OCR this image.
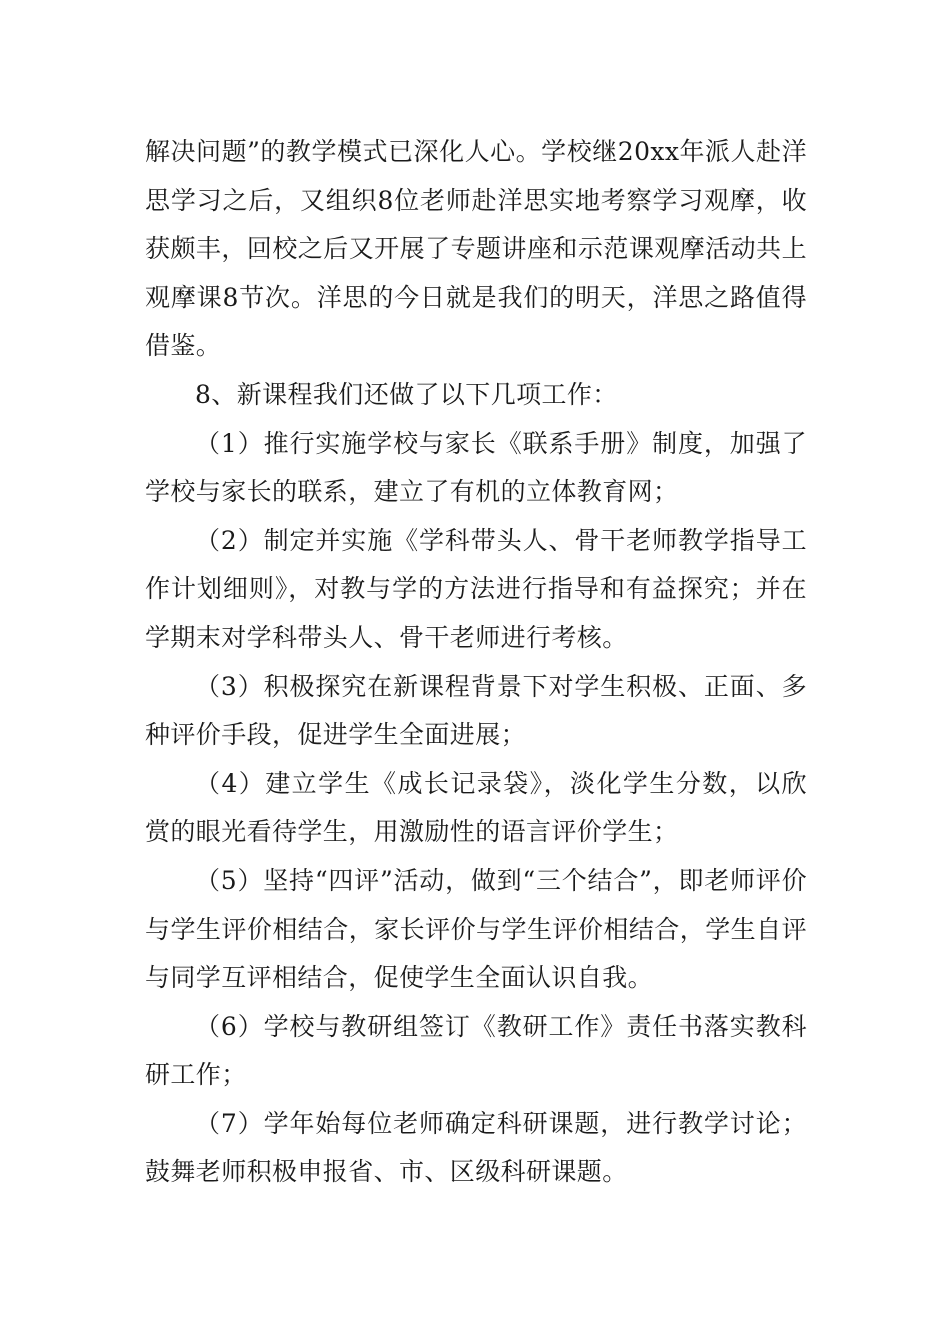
解决问题”的教学模式已深化人心。学校继20xx年派人赴洋思学习之后，又组织8位老师赴洋思实地考察学习观摩，收获颇丰，回校之后又开展了专题讲座和示范课观摩活动共上观摩课8节次。洋思的今日就是我们的明天，洋思之路值得借鉴。

8、新课程我们还做了以下几项工作：

（1）推行实施学校与家长《联系手册》制度，加强了学校与家长的联系，建立了有机的立体教育网；

（2）制定并实施《学科带头人、骨干老师教学指导工作计划细则》，对教与学的方法进行指导和有益探究；并在学期末对学科带头人、骨干老师进行考核。

（3）积极探究在新课程背景下对学生积极、正面、多种评价手段，促进学生全面进展；

（4）建立学生《成长记录袋》，淡化学生分数，以欣赏的眼光看待学生，用激励性的语言评价学生；

（5）坚持“四评”活动，做到“三个结合”，即老师评价与学生评价相结合，家长评价与学生评价相结合，学生自评与同学互评相结合，促使学生全面认识自我。

（6）学校与教研组签订《教研工作》责任书落实教科研工作；

（7）学年始每位老师确定科研课题，进行教学讨论；鼓舞老师积极申报省、市、区级科研课题。
